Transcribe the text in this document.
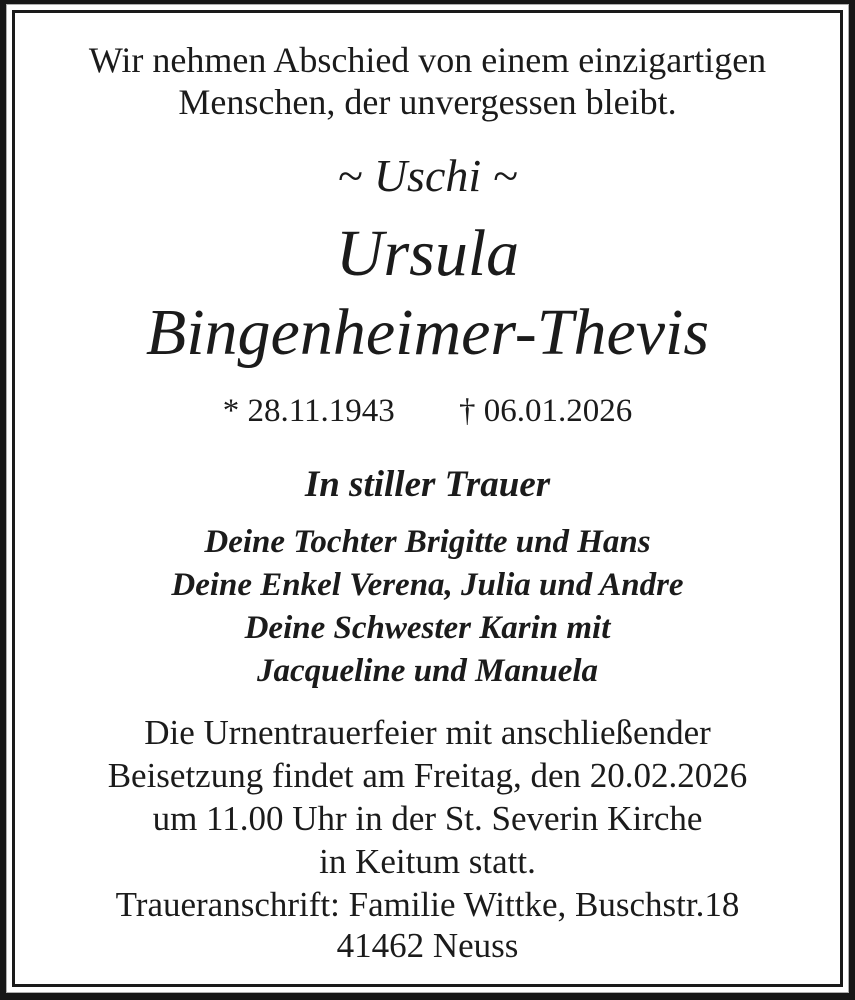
Wir nehmen Abschied von einem einzigartigen
Menschen, der unvergessen bleibt.
~ Uschi ~
Ursula
Bingenheimer-Thevis
* 28.11.1943 † 06.01.2026
In stiller Trauer
Deine Tochter Brigitte und Hans
Deine Enkel Verena, Julia und Andre
Deine Schwester Karin mit
Jacqueline und Manuela
Die Urnentrauerfeier mit anschließender
Beisetzung findet am Freitag, den 20.02.2026
um 11.00 Uhr in der St. Severin Kirche
in Keitum statt.
Traueranschrift: Familie Wittke, Buschstr.18
41462 Neuss
